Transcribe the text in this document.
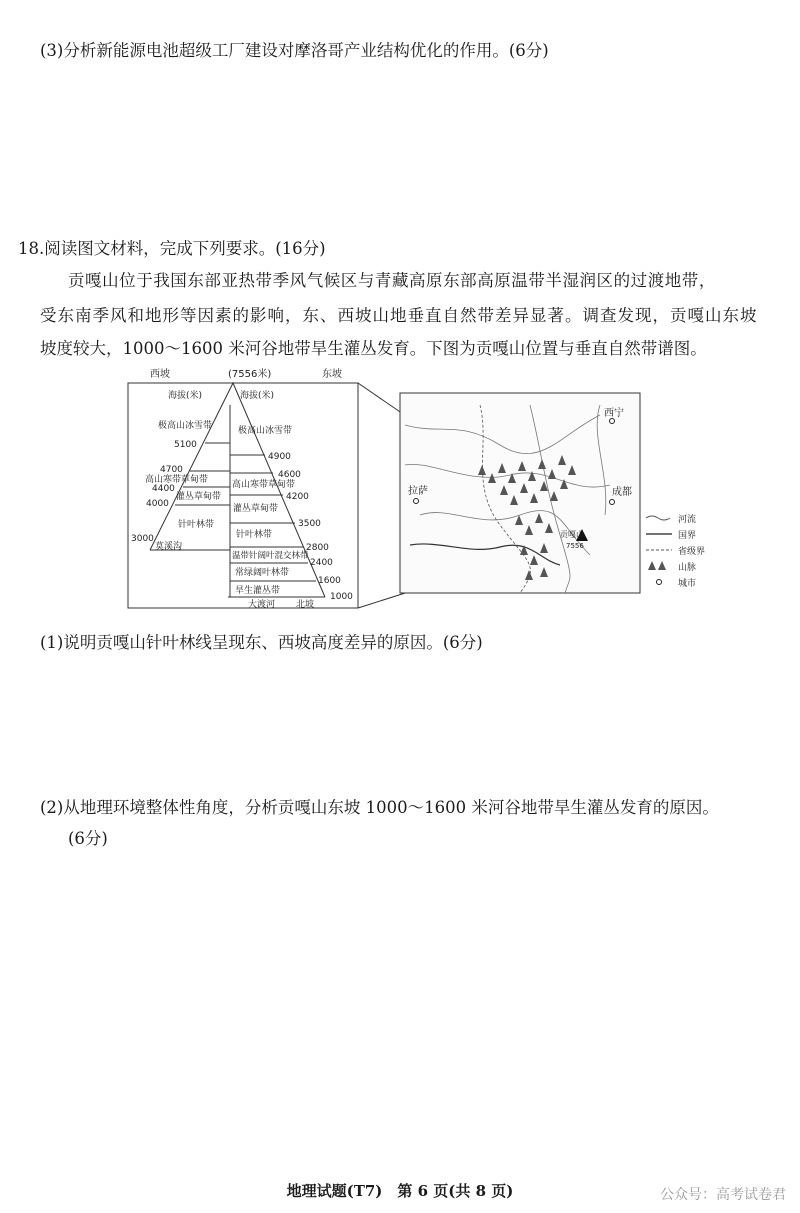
(3)分析新能源电池超级工厂建设对摩洛哥产业结构优化的作用。(6分)
18.阅读图文材料，完成下列要求。(16分)
贡嘎山位于我国东部亚热带季风气候区与青藏高原东部高原温带半湿润区的过渡地带，
受东南季风和地形等因素的影响，东、西坡山地垂直自然带差异显著。调查发现，贡嘎山东坡
坡度较大，1000～1600 米河谷地带旱生灌丛发育。下图为贡嘎山位置与垂直自然带谱图。
西坡	(7556米)	东坡
海拔(米)	海拔(米)
极高山冰雪带
高山寒带草甸带
灌丛草甸带
针叶林带
莫溪沟
5100
4700
4400
4000
3000
极高山冰雪带
高山寒带草甸带
灌丛草甸带
针叶林带
温带针阔叶混交林带
常绿阔叶林带
旱生灌丛带
4900
4600
4200
3500
2800
2400
1600
1000
大渡河 北坡
贡嘎山
7556
西宁
拉萨	成都
河流
国界
省级界
山脉
城市
(1)说明贡嘎山针叶林线呈现东、西坡高度差异的原因。(6分)
(2)从地理环境整体性角度，分析贡嘎山东坡 1000～1600 米河谷地带旱生灌丛发育的原因。
(6分)
地理试题(T7)　第 6 页(共 8 页)	公众号：高考试卷君
